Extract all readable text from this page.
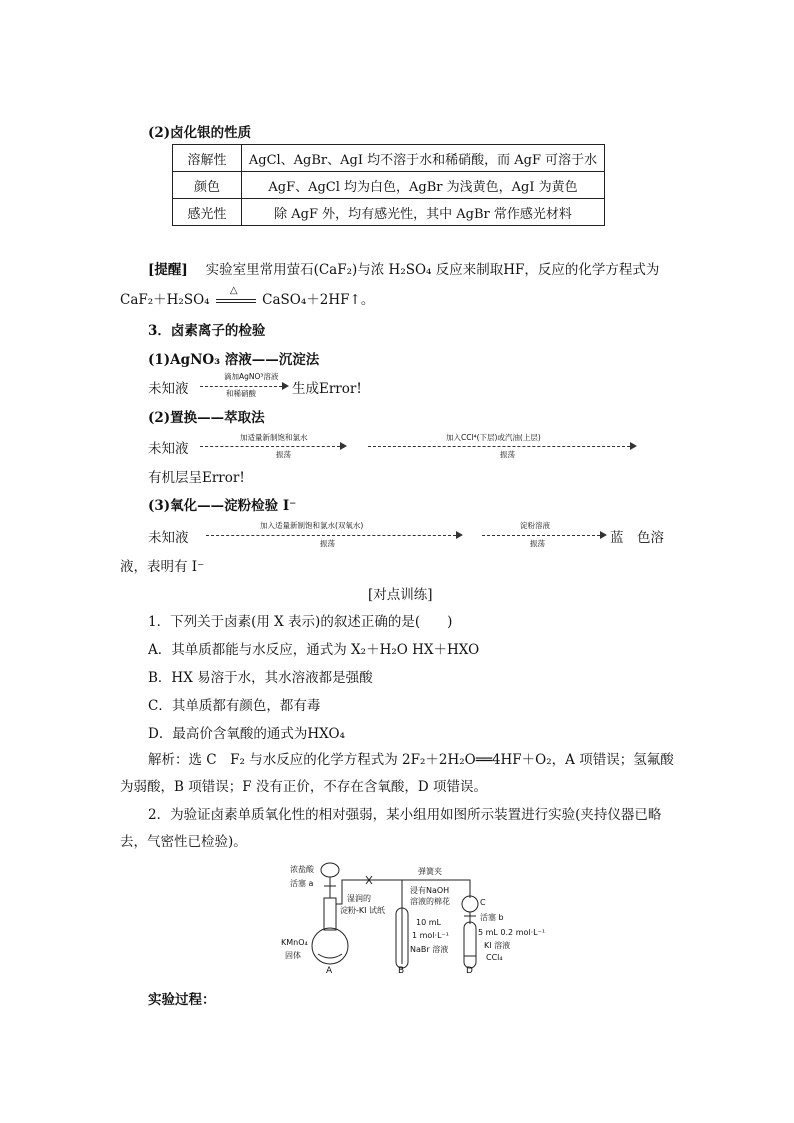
(2)卤化银的性质
溶解性	AgCl、AgBr、AgI 均不溶于水和稀硝酸，而 AgF 可溶于水
颜色	AgF、AgCl 均为白色，AgBr 为浅黄色，AgI 为黄色
感光性	除 AgF 外，均有感光性，其中 AgBr 常作感光材料
[提醒]　 实验室里常用萤石(CaF₂)与浓 H₂SO₄ 反应来制取HF，反应的化学方程式为
CaF₂＋H₂SO₄
△
CaSO₄＋2HF↑。
3．卤素离子的检验
(1)AgNO₃ 溶液——沉淀法
未知液
滴加AgNO³溶液
和稀硝酸	生成Error!
(2)置换——萃取法
未知液
加适量新制饱和氯水
振荡
加入CCl⁴(下层)或汽油(上层)
振荡
有机层呈Error!
(3)氧化——淀粉检验 I⁻
未知液
加入适量新制饱和氯水(双氧水)
振荡
淀粉溶液
振荡	蓝　色溶
液，表明有 I⁻
[对点训练]
1．下列关于卤素(用 X 表示)的叙述正确的是(　　)
A．其单质都能与水反应，通式为 X₂＋H₂O HX＋HXO
B．HX 易溶于水，其水溶液都是强酸
C．其单质都有颜色，都有毒
D．最高价含氧酸的通式为HXO₄
解析：选 C　F₂ 与水反应的化学方程式为 2F₂＋2H₂O══4HF＋O₂，A 项错误；氢氟酸
为弱酸，B 项错误；F 没有正价，不存在含氧酸，D 项错误。
2．为验证卤素单质氧化性的相对强弱，某小组用如图所示装置进行实验(夹持仪器已略
去，气密性已检验)。
浓盐酸
活塞 a
KMnO₄
固体
湿润的
淀粉-KI 试纸
弹簧夹
浸有NaOH
溶液的棉花	C
活塞 b
10 mL
1 mol·L⁻¹
NaBr 溶液
5 mL 0.2 mol·L⁻¹
KI 溶液
CCl₄
A	B	D
实验过程：
